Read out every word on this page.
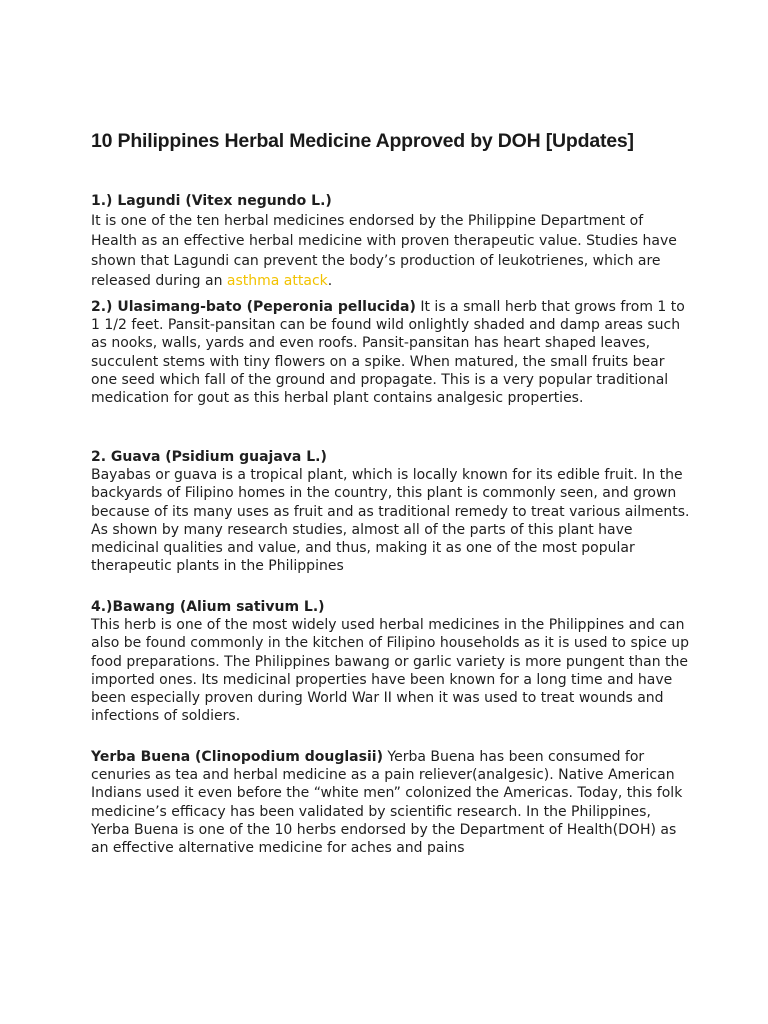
10 Philippines Herbal Medicine Approved by DOH [Updates]
1.) Lagundi (Vitex negundo L.)

It is one of the ten herbal medicines endorsed by the Philippine Department of Health as an effective herbal medicine with proven therapeutic value. Studies have shown that Lagundi can prevent the body’s production of leukotrienes, which are released during an asthma attack.

2.) Ulasimang-bato (Peperonia pellucida) It is a small herb that grows from 1 to 1 1/2 feet. Pansit-pansitan can be found wild onlightly shaded and damp areas such as nooks, walls, yards and even roofs. Pansit-pansitan has heart shaped leaves, succulent stems with tiny flowers on a spike. When matured, the small fruits bear one seed which fall of the ground and propagate. This is a very popular traditional medication for gout as this herbal plant contains analgesic properties.

2. Guava (Psidium guajava L.)

Bayabas or guava is a tropical plant, which is locally known for its edible fruit. In the backyards of Filipino homes in the country, this plant is commonly seen, and grown because of its many uses as fruit and as traditional remedy to treat various ailments. As shown by many research studies, almost all of the parts of this plant have medicinal qualities and value, and thus, making it as one of the most popular therapeutic plants in the Philippines

4.)Bawang (Alium sativum L.)

This herb is one of the most widely used herbal medicines in the Philippines and can also be found commonly in the kitchen of Filipino households as it is used to spice up food preparations. The Philippines bawang or garlic variety is more pungent than the imported ones. Its medicinal properties have been known for a long time and have been especially proven during World War II when it was used to treat wounds and infections of soldiers.

Yerba Buena (Clinopodium douglasii) Yerba Buena has been consumed for cenuries as tea and herbal medicine as a pain reliever(analgesic). Native American Indians used it even before the “white men” colonized the Americas. Today, this folk medicine’s efficacy has been validated by scientific research. In the Philippines, Yerba Buena is one of the 10 herbs endorsed by the Department of Health(DOH) as an effective alternative medicine for aches and pains
